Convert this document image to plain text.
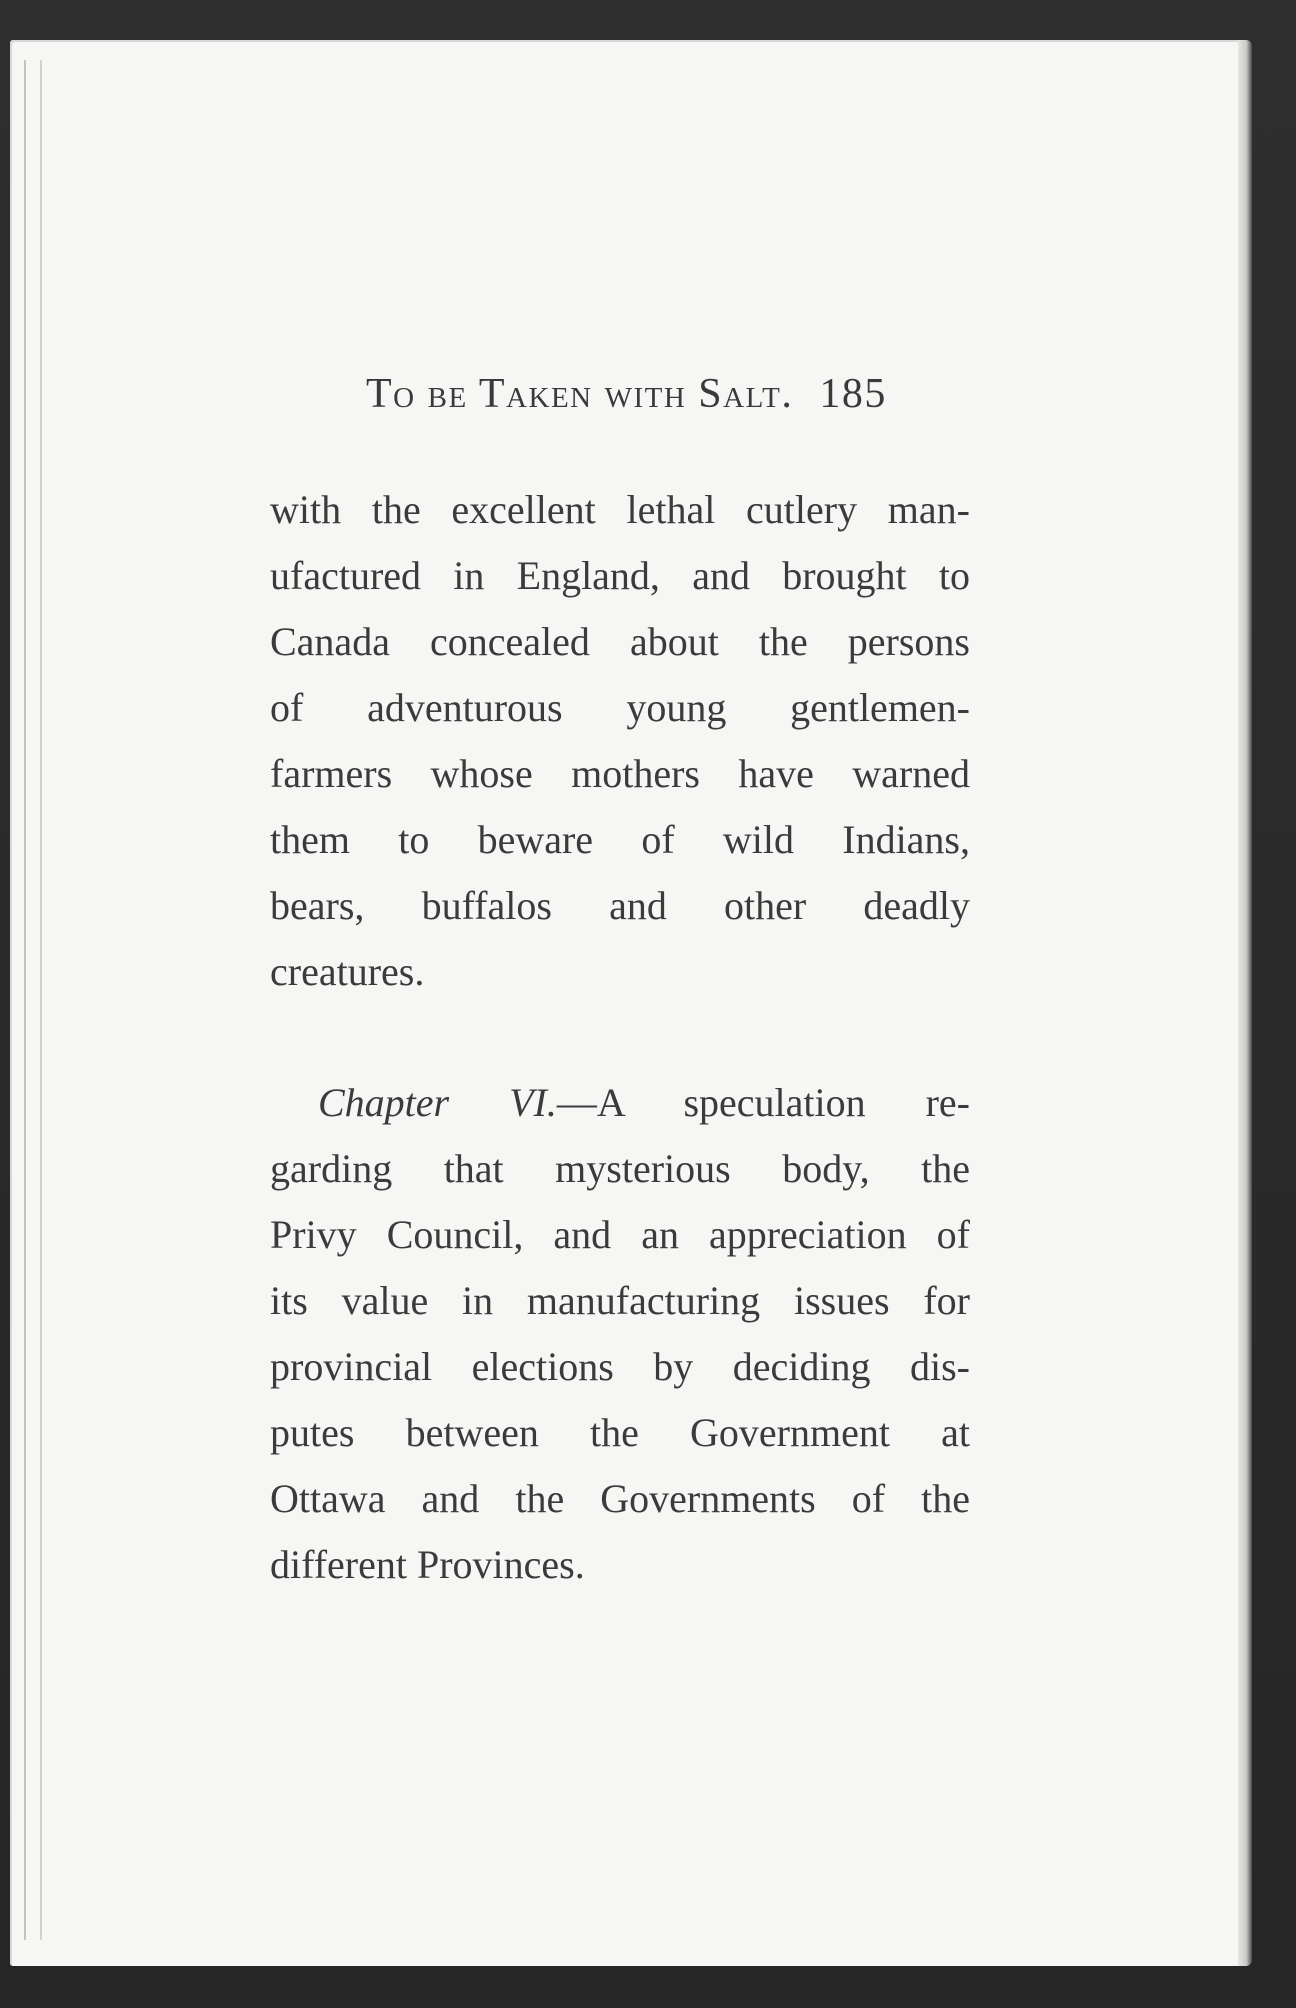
To be Taken with Salt. 185
with the excellent lethal cutlery man-
ufactured in England, and brought to
Canada concealed about the persons
of adventurous young gentlemen-
farmers whose mothers have warned
them to beware of wild Indians,
bears, buffalos and other deadly
creatures.
Chapter VI.—A speculation re-
garding that mysterious body, the
Privy Council, and an appreciation of
its value in manufacturing issues for
provincial elections by deciding dis-
putes between the Government at
Ottawa and the Governments of the
different Provinces.
